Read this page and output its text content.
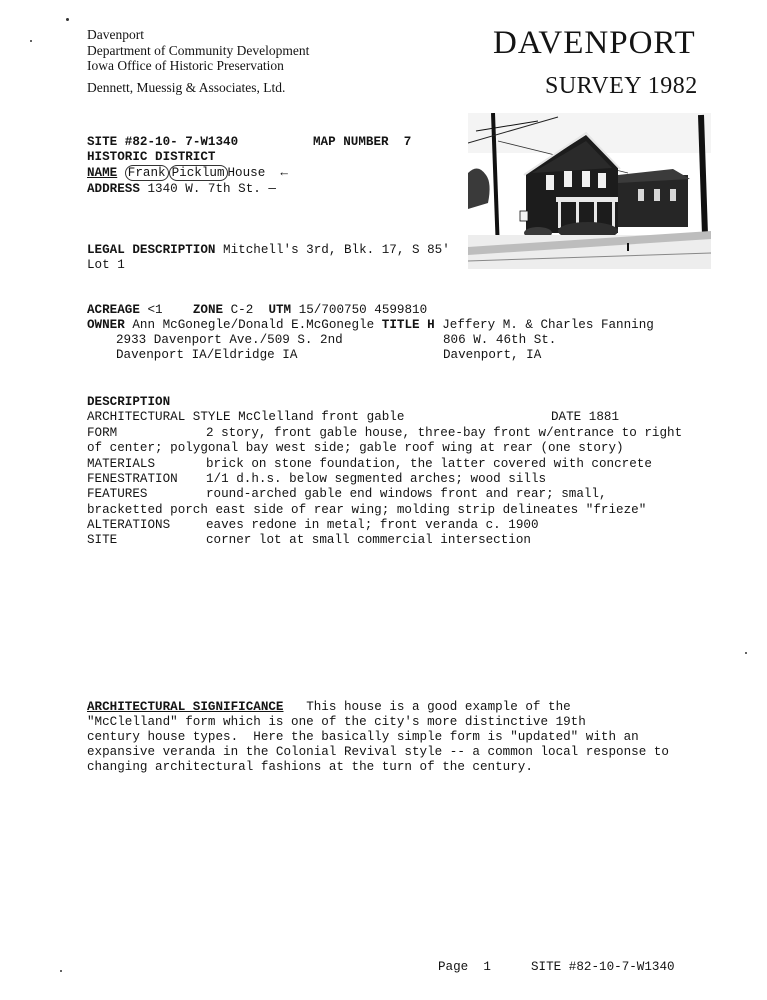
Davenport
Department of Community Development
Iowa Office of Historic Preservation
Dennett, Muessig & Associates, Ltd.
DAVENPORT
SURVEY 1982
SITE #82-10- 7-W1340	MAP NUMBER 7
HISTORIC DISTRICT
NAME Frank Picklum House ←
ADDRESS 1340 W. 7th St. —
LEGAL DESCRIPTION Mitchell's 3rd, Blk. 17, S 85'
Lot 1
ACREAGE <1 ZONE C-2 UTM 15/700750 4599810
OWNER Ann McGonegle/Donald E.McGonegle TITLE H Jeffery M. & Charles Fanning
2933 Davenport Ave./509 S. 2nd	806 W. 46th St.
Davenport IA/Eldridge IA	Davenport, IA
DESCRIPTION
ARCHITECTURAL STYLE McClelland front gable	DATE 1881
FORM	2 story, front gable house, three-bay front w/entrance to right
of center; polygonal bay west side; gable roof wing at rear (one story)
MATERIALS	brick on stone foundation, the latter covered with concrete
FENESTRATION 1/1 d.h.s. below segmented arches; wood sills
FEATURES	round-arched gable end windows front and rear; small,
bracketted porch east side of rear wing; molding strip delineates "frieze"
ALTERATIONS	eaves redone in metal; front veranda c. 1900
SITE	corner lot at small commercial intersection
ARCHITECTURAL SIGNIFICANCE This house is a good example of the
"McClelland" form which is one of the city's more distinctive 19th
century house types.  Here the basically simple form is "updated" with an
expansive veranda in the Colonial Revival style -- a common local response to
changing architectural fashions at the turn of the century.
Page  1	SITE #82-10-7-W1340
